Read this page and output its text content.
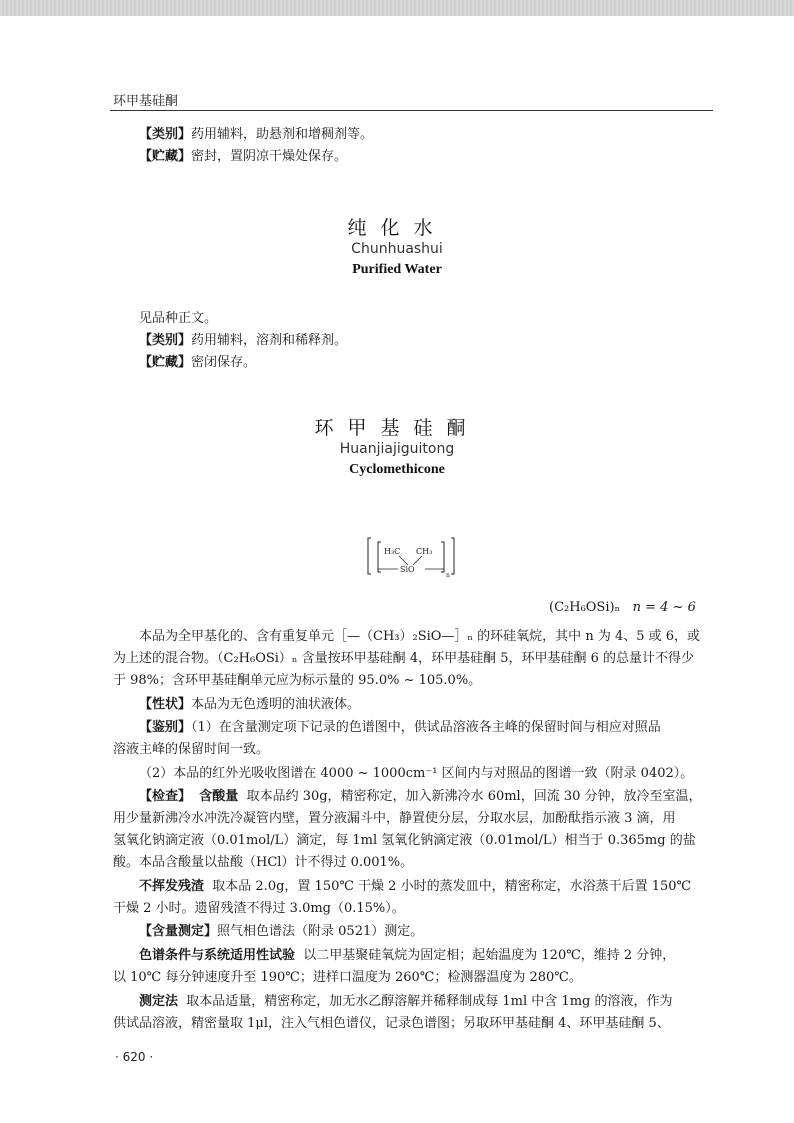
环甲基硅酮
【类别】药用辅料，助悬剂和增稠剂等。
【贮藏】密封，置阴凉干燥处保存。
纯化水
Chunhuashui
Purified Water
见品种正文。
【类别】药用辅料，溶剂和稀释剂。
【贮藏】密闭保存。
环甲基硅酮
Huanjiajiguitong
Cyclomethicone
H₃C CH₃
SiO
n
(C₂H₆OSi)ₙ n = 4 ~ 6
本品为全甲基化的、含有重复单元［—（CH₃）₂SiO—］ₙ 的环硅氧烷，其中 n 为 4、5 或 6，或
为上述的混合物。（C₂H₆OSi）ₙ 含量按环甲基硅酮 4，环甲基硅酮 5，环甲基硅酮 6 的总量计不得少
于 98%；含环甲基硅酮单元应为标示量的 95.0% ~ 105.0%。
【性状】本品为无色透明的油状液体。
【鉴别】（1）在含量测定项下记录的色谱图中，供试品溶液各主峰的保留时间与相应对照品
溶液主峰的保留时间一致。
（2）本品的红外光吸收图谱在 4000 ~ 1000cm⁻¹ 区间内与对照品的图谱一致（附录 0402）。
【检查】 含酸量 取本品约 30g，精密称定，加入新沸冷水 60ml，回流 30 分钟，放冷至室温，
用少量新沸冷水冲洗冷凝管内壁，置分液漏斗中，静置使分层，分取水层，加酚酞指示液 3 滴，用
氢氧化钠滴定液（0.01mol/L）滴定，每 1ml 氢氧化钠滴定液（0.01mol/L）相当于 0.365mg 的盐
酸。本品含酸量以盐酸（HCl）计不得过 0.001%。
不挥发残渣 取本品 2.0g，置 150℃ 干燥 2 小时的蒸发皿中，精密称定，水浴蒸干后置 150℃
干燥 2 小时。遗留残渣不得过 3.0mg（0.15%）。
【含量测定】照气相色谱法（附录 0521）测定。
色谱条件与系统适用性试验 以二甲基聚硅氧烷为固定相；起始温度为 120℃，维持 2 分钟，
以 10℃ 每分钟速度升至 190℃；进样口温度为 260℃；检测器温度为 280℃。
测定法 取本品适量，精密称定，加无水乙醇溶解并稀释制成每 1ml 中含 1mg 的溶液，作为
供试品溶液，精密量取 1μl，注入气相色谱仪，记录色谱图；另取环甲基硅酮 4、环甲基硅酮 5、
· 620 ·
